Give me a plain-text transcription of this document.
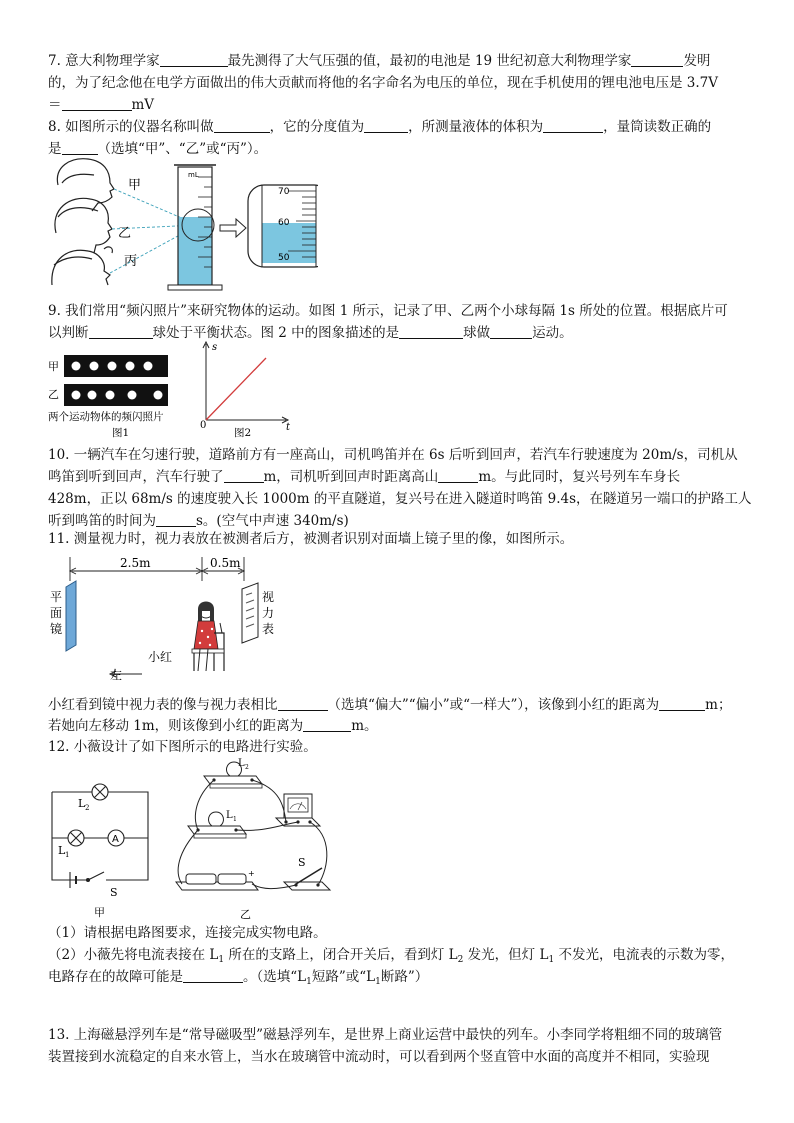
7. 意大利物理学家	最先测得了大气压强的值，最初的电池是 19 世纪初意大利物理学家	发明
的，为了纪念他在电学方面做出的伟大贡献而将他的名字命名为电压的单位，现在手机使用的锂电池电压是 3.7V
＝	mV
8. 如图所示的仪器名称叫做	，它的分度值为	，所测量液体的体积为	，量筒读数正确的
是	（选填“甲”、“乙”或“丙”）。
甲
乙
丙
mL
70
60
50
9. 我们常用“频闪照片”来研究物体的运动。如图 1 所示，记录了甲、乙两个小球每隔 1s 所处的位置。根据底片可
以判断	球处于平衡状态。图 2 中的图象描述的是	球做	运动。
甲
乙
两个运动物体的频闪照片
图1
s
t
0
图2
10. 一辆汽车在匀速行驶，道路前方有一座高山，司机鸣笛并在 6s 后听到回声，若汽车行驶速度为 20m/s，司机从
鸣笛到听到回声，汽车行驶了	m，司机听到回声时距离高山	m。与此同时，复兴号列车车身长
428m，正以 68m/s 的速度驶入长 1000m 的平直隧道，复兴号在进入隧道时鸣笛 9.4s，在隧道另一端口的护路工人
听到鸣笛的时间为	s。(空气中声速 340m/s)
11. 测量视力时，视力表放在被测者后方，被测者识别对面墙上镜子里的像，如图所示。
2.5m	0.5m
平
面
镜
视
力
表
小红
左
小红看到镜中视力表的像与视力表相比	（选填“偏大”“偏小”或“一样大”），该像到小红的距离为	m；
若她向左移动 1m，则该像到小红的距离为	m。
12. 小薇设计了如下图所示的电路进行实验。
A
L 2
L 1
S
甲
L 2
L 1
+
S
乙
（1）请根据电路图要求，连接完成实物电路。
（2）小薇先将电流表接在 $L_1$ 所在的支路上，闭合开关后，看到灯 $L_2$ 发光，但灯 $L_1$ 不发光，电流表的示数为零，
电路存在的故障可能是	。（选填“$L_1$短路”或“$L_1$断路”）
13. 上海磁悬浮列车是“常导磁吸型”磁悬浮列车，是世界上商业运营中最快的列车。小李同学将粗细不同的玻璃管
装置接到水流稳定的自来水管上，当水在玻璃管中流动时，可以看到两个竖直管中水面的高度并不相同，实验现
